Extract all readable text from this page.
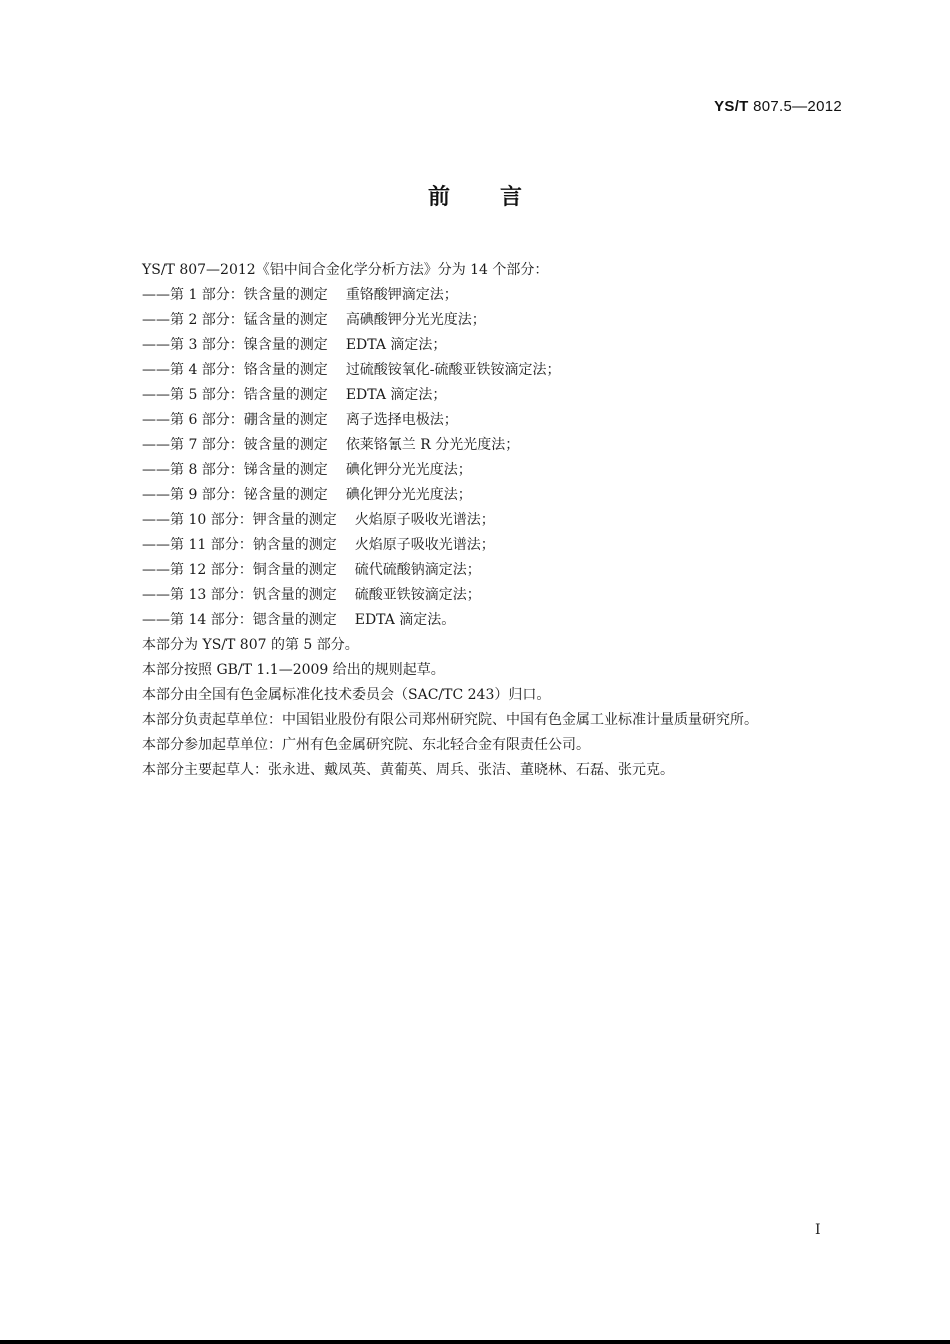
YS/T 807.5—2012
前言

YS/T 807—2012《铝中间合金化学分析方法》分为 14 个部分：

——第 1 部分：铁含量的测定 重铬酸钾滴定法；

——第 2 部分：锰含量的测定 高碘酸钾分光光度法；

——第 3 部分：镍含量的测定 EDTA 滴定法；

——第 4 部分：铬含量的测定 过硫酸铵氧化-硫酸亚铁铵滴定法；

——第 5 部分：锆含量的测定 EDTA 滴定法；

——第 6 部分：硼含量的测定 离子选择电极法；

——第 7 部分：铍含量的测定 依莱铬氰兰 R 分光光度法；

——第 8 部分：锑含量的测定 碘化钾分光光度法；

——第 9 部分：铋含量的测定 碘化钾分光光度法；

——第 10 部分：钾含量的测定 火焰原子吸收光谱法；

——第 11 部分：钠含量的测定 火焰原子吸收光谱法；

——第 12 部分：铜含量的测定 硫代硫酸钠滴定法；

——第 13 部分：钒含量的测定 硫酸亚铁铵滴定法；

——第 14 部分：锶含量的测定 EDTA 滴定法。

本部分为 YS/T 807 的第 5 部分。

本部分按照 GB/T 1.1—2009 给出的规则起草。

本部分由全国有色金属标准化技术委员会（SAC/TC 243）归口。

本部分负责起草单位：中国铝业股份有限公司郑州研究院、中国有色金属工业标准计量质量研究所。

本部分参加起草单位：广州有色金属研究院、东北轻合金有限责任公司。

本部分主要起草人：张永进、戴凤英、黄葡英、周兵、张洁、董晓林、石磊、张元克。

I
